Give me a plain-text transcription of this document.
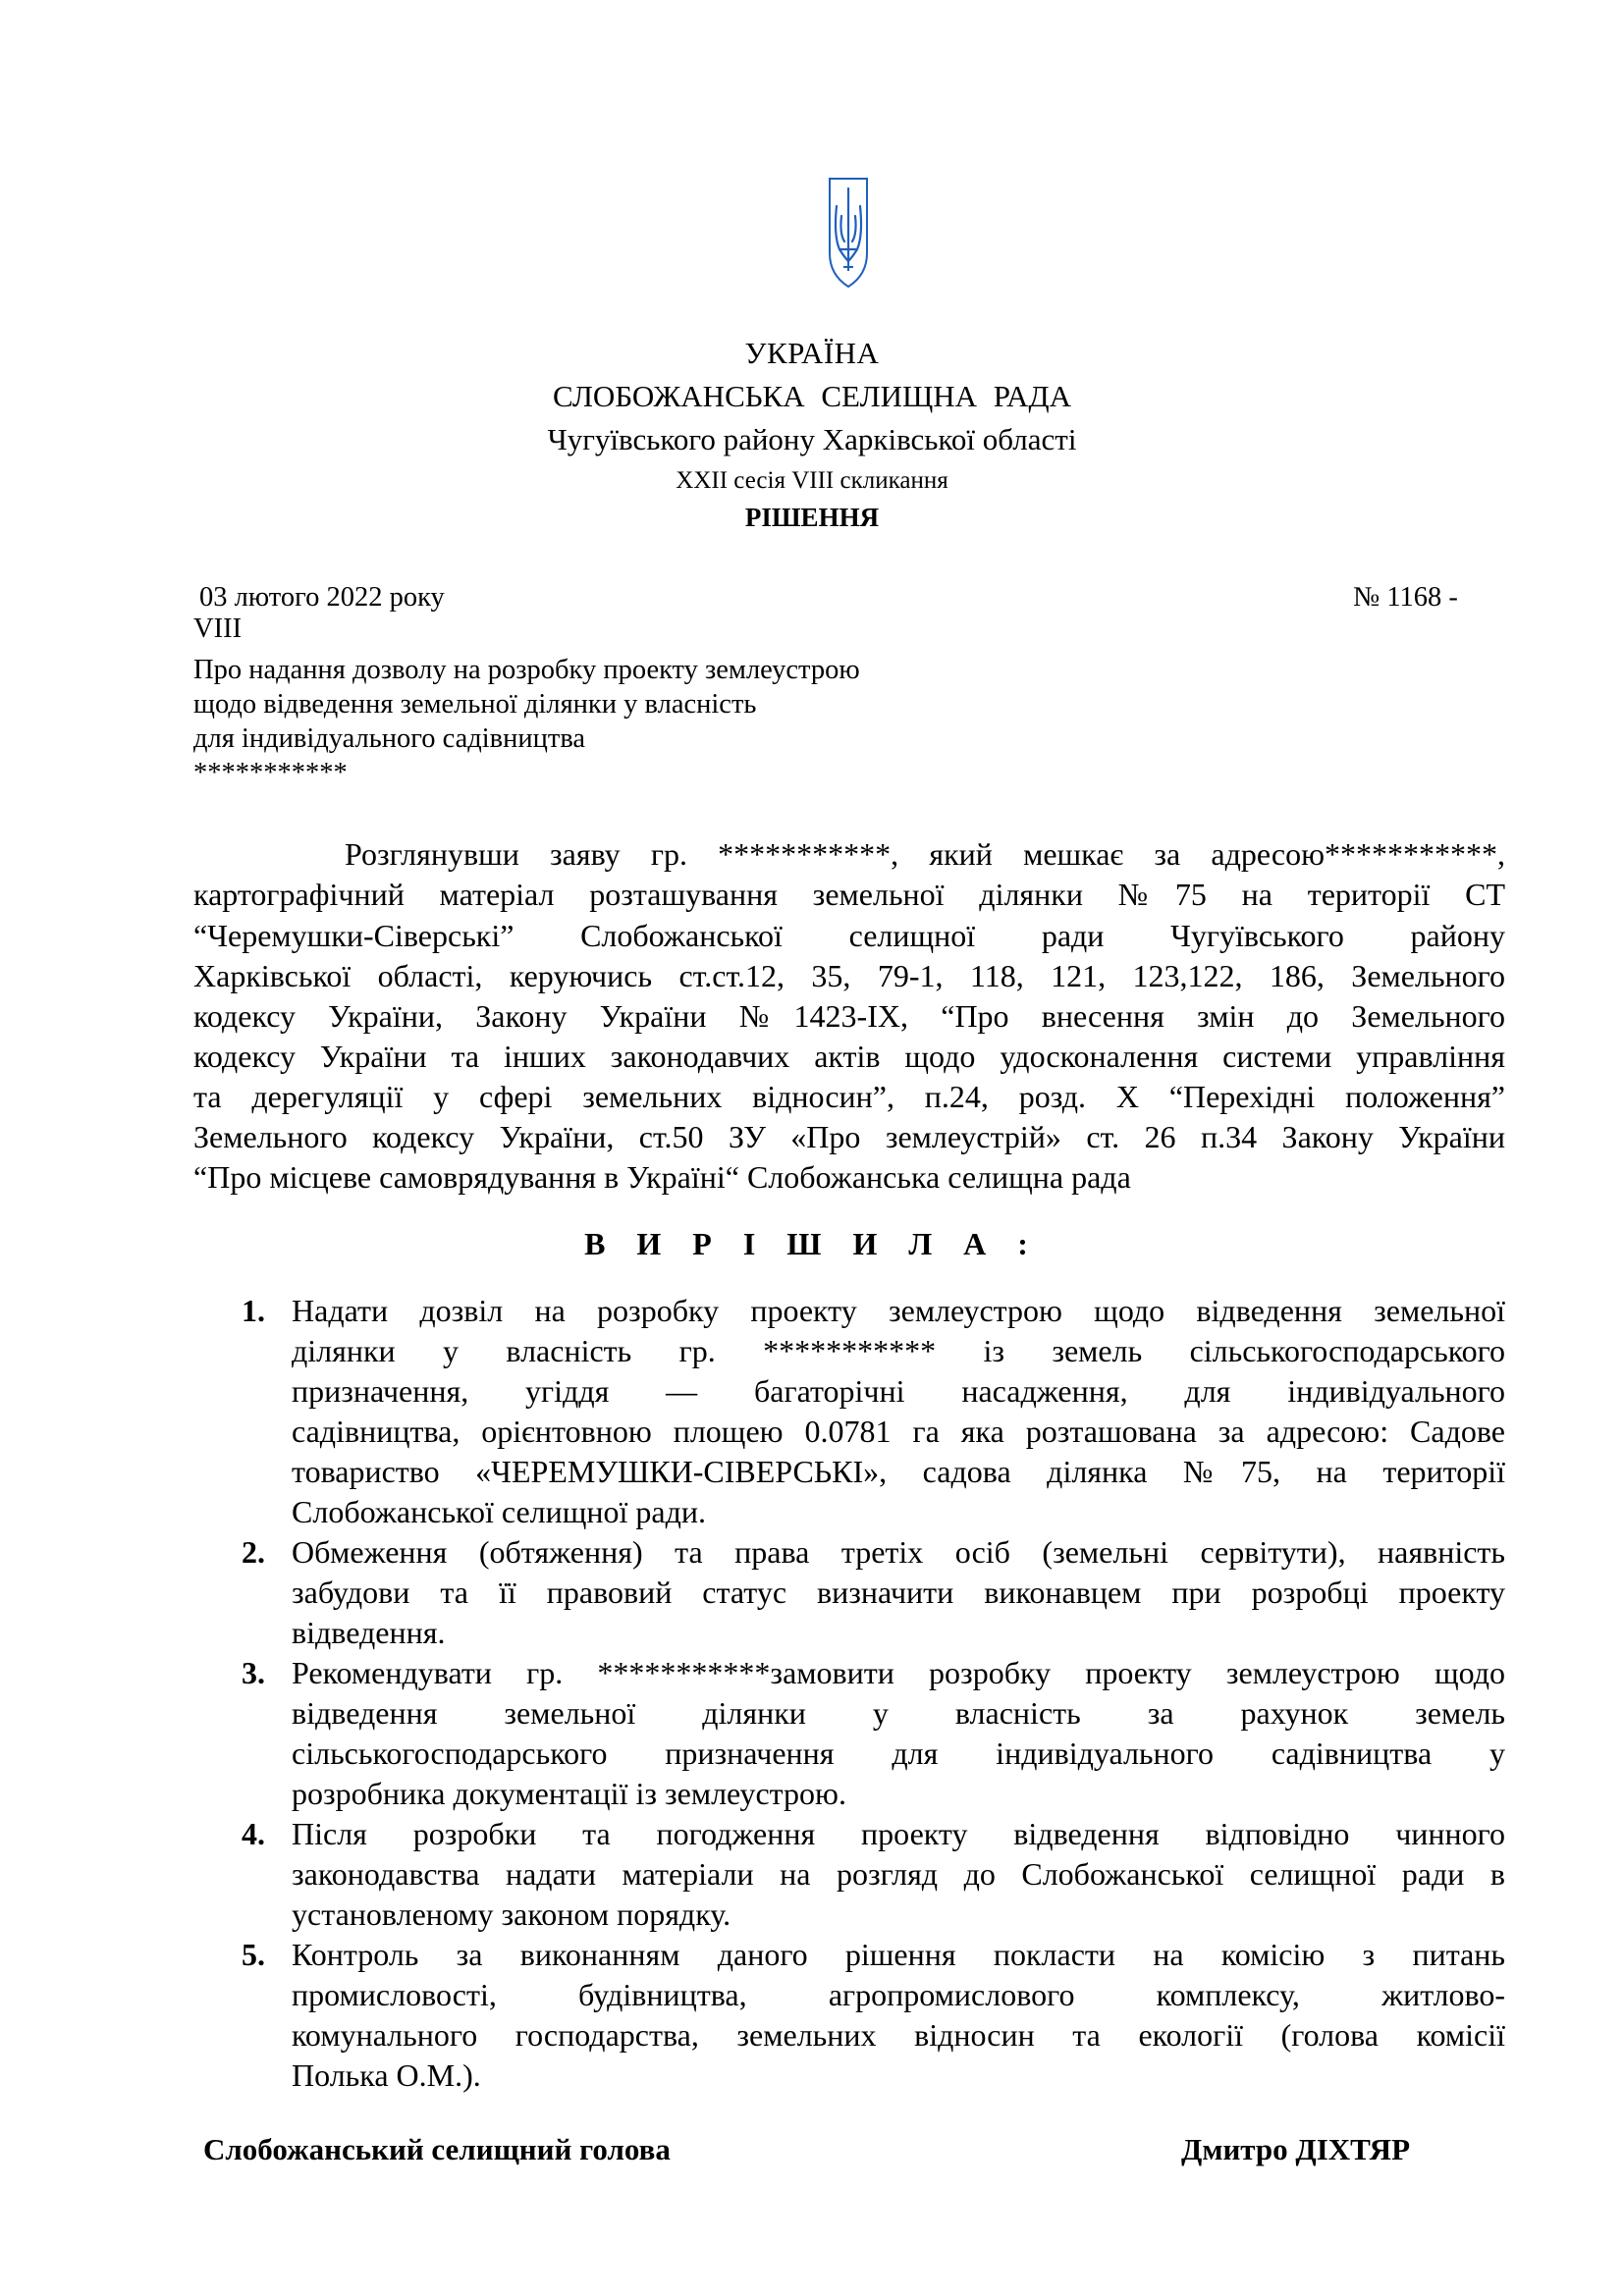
УКРАЇНА
СЛОБОЖАНСЬКА СЕЛИЩНА РАДА
Чугуївського району Харківської області
XXII сесія VIII скликання
РІШЕННЯ
03 лютого 2022 року	№ 1168 -
VIII
Про надання дозволу на розробку проекту землеустрою
щодо відведення земельної ділянки у власність
для індивідуального садівництва
***********
Розглянувши заяву гр. ***********, який мешкає за адресою***********,
картографічний матеріал розташування земельної ділянки №75 на території СТ
“Черемушки-Сіверські” Слобожанської селищної ради Чугуївського району
Харківської області, керуючись ст.ст.12, 35, 79-1, 118, 121, 123,122, 186, Земельного
кодексу України, Закону України №1423-IX, “Про внесення змін до Земельного
кодексу України та інших законодавчих актів щодо удосконалення системи управління
та дерегуляції у сфері земельних відносин”, п.24, розд. Х “Перехідні положення”
Земельного кодексу України, ст.50 ЗУ «Про землеустрій» ст. 26 п.34 Закону України
“Про місцеве самоврядування в Україні“ Слобожанська селищна рада
В И Р І Ш И Л А :
1. Надати дозвіл на розробку проекту землеустрою щодо відведення земельної
ділянки у власність гр. *********** із земель сільськогосподарського
призначення, угіддя — багаторічні насадження, для індивідуального
садівництва, орієнтовною площею 0.0781 га яка розташована за адресою: Садове
товариство «ЧЕРЕМУШКИ-СІВЕРСЬКІ», садова ділянка №75, на території
Слобожанської селищної ради.
2. Обмеження (обтяження) та права третіх осіб (земельні сервітути), наявність
забудови та її правовий статус визначити виконавцем при розробці проекту
відведення.
3. Рекомендувати гр. ***********замовити розробку проекту землеустрою щодо
відведення земельної ділянки у власність за рахунок земель
сільськогосподарського призначення для індивідуального садівництва у
розробника документації із землеустрою.
4. Після розробки та погодження проекту відведення відповідно чинного
законодавства надати матеріали на розгляд до Слобожанської селищної ради в
установленому законом порядку.
5. Контроль за виконанням даного рішення покласти на комісію з питань
промисловості, будівництва, агропромислового комплексу, житлово-
комунального господарства, земельних відносин та екології (голова комісії
Полька О.М.).
Слобожанський селищний голова	Дмитро ДІХТЯР
